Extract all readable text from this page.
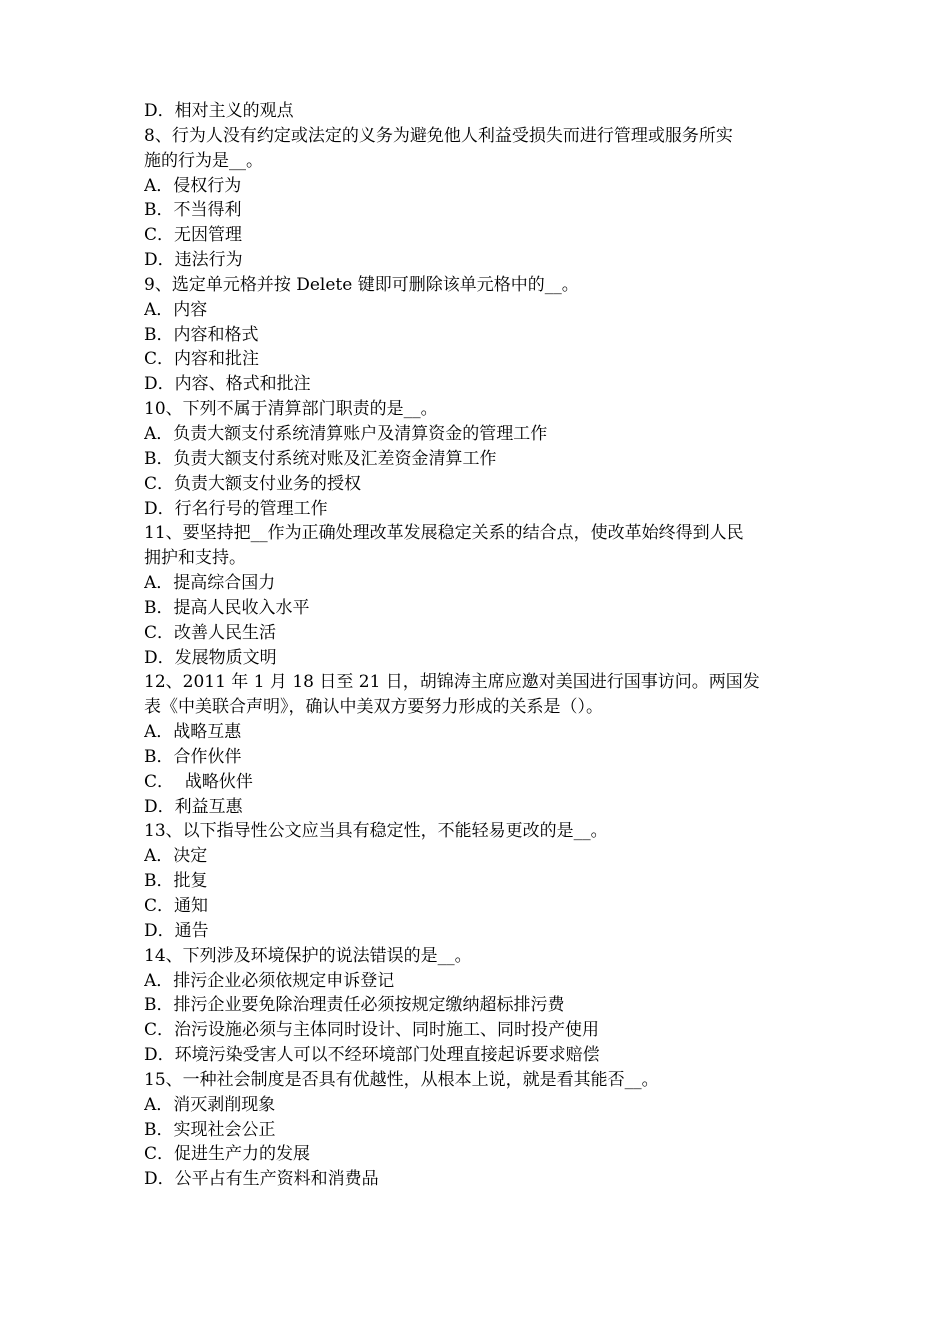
D．相对主义的观点
8、行为人没有约定或法定的义务为避免他人利益受损失而进行管理或服务所实
施的行为是__。
A．侵权行为
B．不当得利
C．无因管理
D．违法行为
9、选定单元格并按 Delete 键即可删除该单元格中的__。
A．内容
B．内容和格式
C．内容和批注
D．内容、格式和批注
10、下列不属于清算部门职责的是__。
A．负责大额支付系统清算账户及清算资金的管理工作
B．负责大额支付系统对账及汇差资金清算工作
C．负责大额支付业务的授权
D．行名行号的管理工作
11、要坚持把__作为正确处理改革发展稳定关系的结合点，使改革始终得到人民
拥护和支持。
A．提高综合国力
B．提高人民收入水平
C．改善人民生活
D．发展物质文明
12、2011 年 1 月 18 日至 21 日，胡锦涛主席应邀对美国进行国事访问。两国发
表《中美联合声明》，确认中美双方要努力形成的关系是（）。
A．战略互惠
B．合作伙伴
C．  战略伙伴
D．利益互惠
13、以下指导性公文应当具有稳定性，不能轻易更改的是__。
A．决定
B．批复
C．通知
D．通告
14、下列涉及环境保护的说法错误的是__。
A．排污企业必须依规定申诉登记
B．排污企业要免除治理责任必须按规定缴纳超标排污费
C．治污设施必须与主体同时设计、同时施工、同时投产使用
D．环境污染受害人可以不经环境部门处理直接起诉要求赔偿
15、一种社会制度是否具有优越性，从根本上说，就是看其能否__。
A．消灭剥削现象
B．实现社会公正
C．促进生产力的发展
D．公平占有生产资料和消费品
